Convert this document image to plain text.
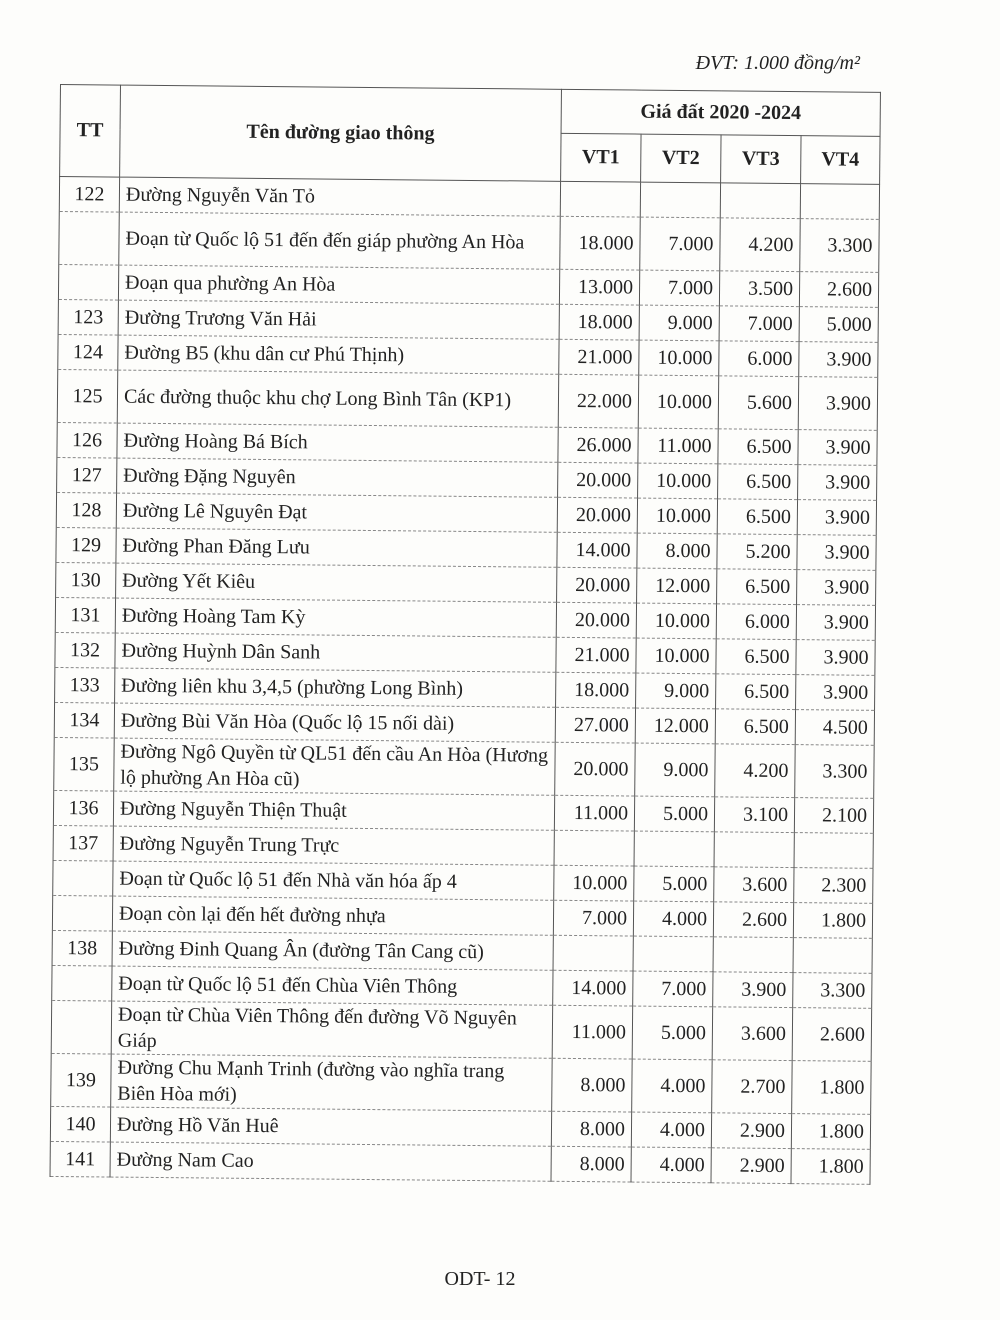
ĐVT: 1.000 đồng/m²
TT	Tên đường giao thông	Giá đất 2020 -2024			
		VT1	VT2	VT3	VT4
122	Đường Nguyễn Văn Tỏ				
	Đoạn từ Quốc lộ 51 đến đến giáp phường An Hòa	18.000	7.000	4.200	3.300
	Đoạn qua phường An Hòa	13.000	7.000	3.500	2.600
123	Đường Trương Văn Hải	18.000	9.000	7.000	5.000
124	Đường B5 (khu dân cư Phú Thịnh)	21.000	10.000	6.000	3.900
125	Các đường thuộc khu chợ Long Bình Tân (KP1)	22.000	10.000	5.600	3.900
126	Đường Hoàng Bá Bích	26.000	11.000	6.500	3.900
127	Đường Đặng Nguyên	20.000	10.000	6.500	3.900
128	Đường Lê Nguyên Đạt	20.000	10.000	6.500	3.900
129	Đường Phan Đăng Lưu	14.000	8.000	5.200	3.900
130	Đường Yết Kiêu	20.000	12.000	6.500	3.900
131	Đường Hoàng Tam Kỳ	20.000	10.000	6.000	3.900
132	Đường Huỳnh Dân Sanh	21.000	10.000	6.500	3.900
133	Đường liên khu 3,4,5 (phường Long Bình)	18.000	9.000	6.500	3.900
134	Đường Bùi Văn Hòa (Quốc lộ 15 nối dài)	27.000	12.000	6.500	4.500
135	Đường Ngô Quyền từ QL51 đến cầu An Hòa (Hương lộ phường An Hòa cũ)	20.000	9.000	4.200	3.300
136	Đường Nguyễn Thiện Thuật	11.000	5.000	3.100	2.100
137	Đường Nguyễn Trung Trực				
	Đoạn từ Quốc lộ 51 đến Nhà văn hóa ấp 4	10.000	5.000	3.600	2.300
	Đoạn còn lại đến hết đường nhựa	7.000	4.000	2.600	1.800
138	Đường Đinh Quang Ân (đường Tân Cang cũ)				
	Đoạn từ Quốc lộ 51 đến Chùa Viên Thông	14.000	7.000	3.900	3.300
	Đoạn từ Chùa Viên Thông đến đường Võ Nguyên Giáp	11.000	5.000	3.600	2.600
139	Đường Chu Mạnh Trinh (đường vào nghĩa trang Biên Hòa mới)	8.000	4.000	2.700	1.800
140	Đường Hồ Văn Huê	8.000	4.000	2.900	1.800
141	Đường Nam Cao	8.000	4.000	2.900	1.800
ODT- 12
